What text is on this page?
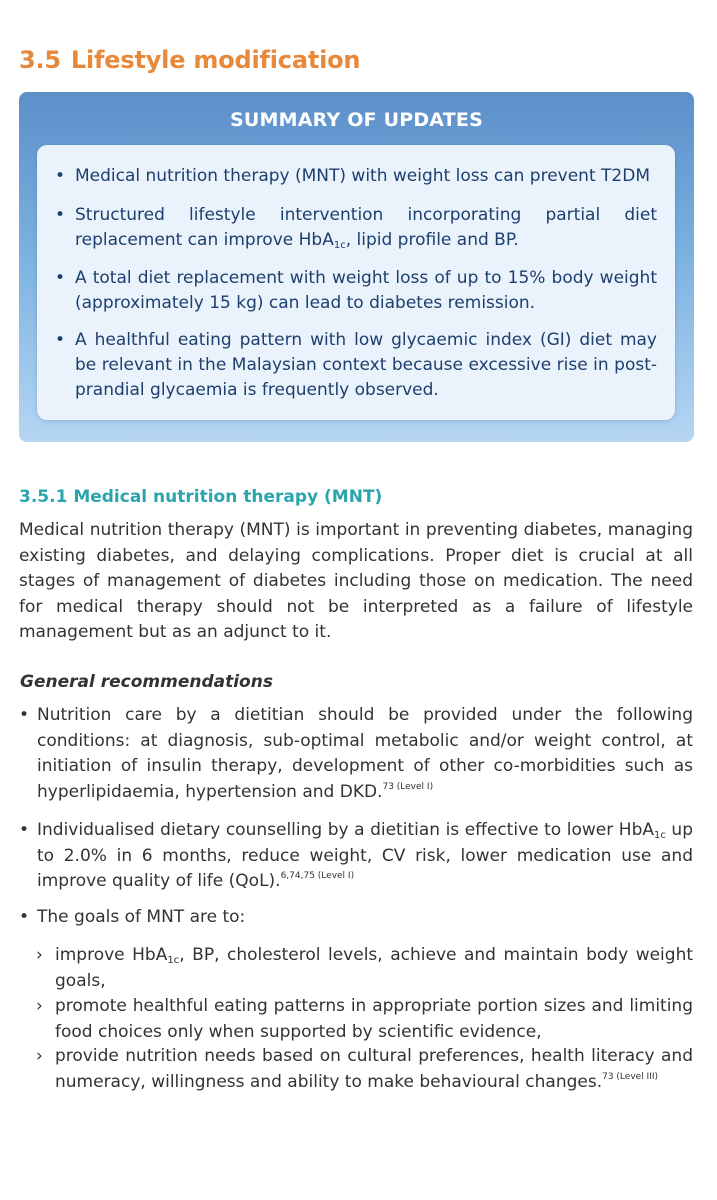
3.5 Lifestyle modification
SUMMARY OF UPDATES
• Medical nutrition therapy (MNT) with weight loss can prevent T2DM
• Structured lifestyle intervention incorporating partial diet replacement can improve HbA$_{1c}$, lipid profile and BP.
• A total diet replacement with weight loss of up to 15% body weight (approximately 15 kg) can lead to diabetes remission.
• A healthful eating pattern with low glycaemic index (GI) diet may be relevant in the Malaysian context because excessive rise in post-prandial glycaemia is frequently observed.
3.5.1 Medical nutrition therapy (MNT)

Medical nutrition therapy (MNT) is important in preventing diabetes, managing existing diabetes, and delaying complications. Proper diet is crucial at all stages of management of diabetes including those on medication. The need for medical therapy should not be interpreted as a failure of lifestyle management but as an adjunct to it.

General recommendations
• Nutrition care by a dietitian should be provided under the following conditions: at diagnosis, sub-optimal metabolic and/or weight control, at initiation of insulin therapy, development of other co-morbidities such as hyperlipidaemia, hypertension and DKD.$^{73 (Level I)}$
• Individualised dietary counselling by a dietitian is effective to lower HbA$_{1c}$ up to 2.0% in 6 months, reduce weight, CV risk, lower medication use and improve quality of life (QoL).$^{6,74,75 (Level I)}$
• The goals of MNT are to:
› improve HbA$_{1c}$, BP, cholesterol levels, achieve and maintain body weight goals,
› promote healthful eating patterns in appropriate portion sizes and limiting food choices only when supported by scientific evidence,
› provide nutrition needs based on cultural preferences, health literacy and numeracy, willingness and ability to make behavioural changes.$^{73 (Level III)}$
